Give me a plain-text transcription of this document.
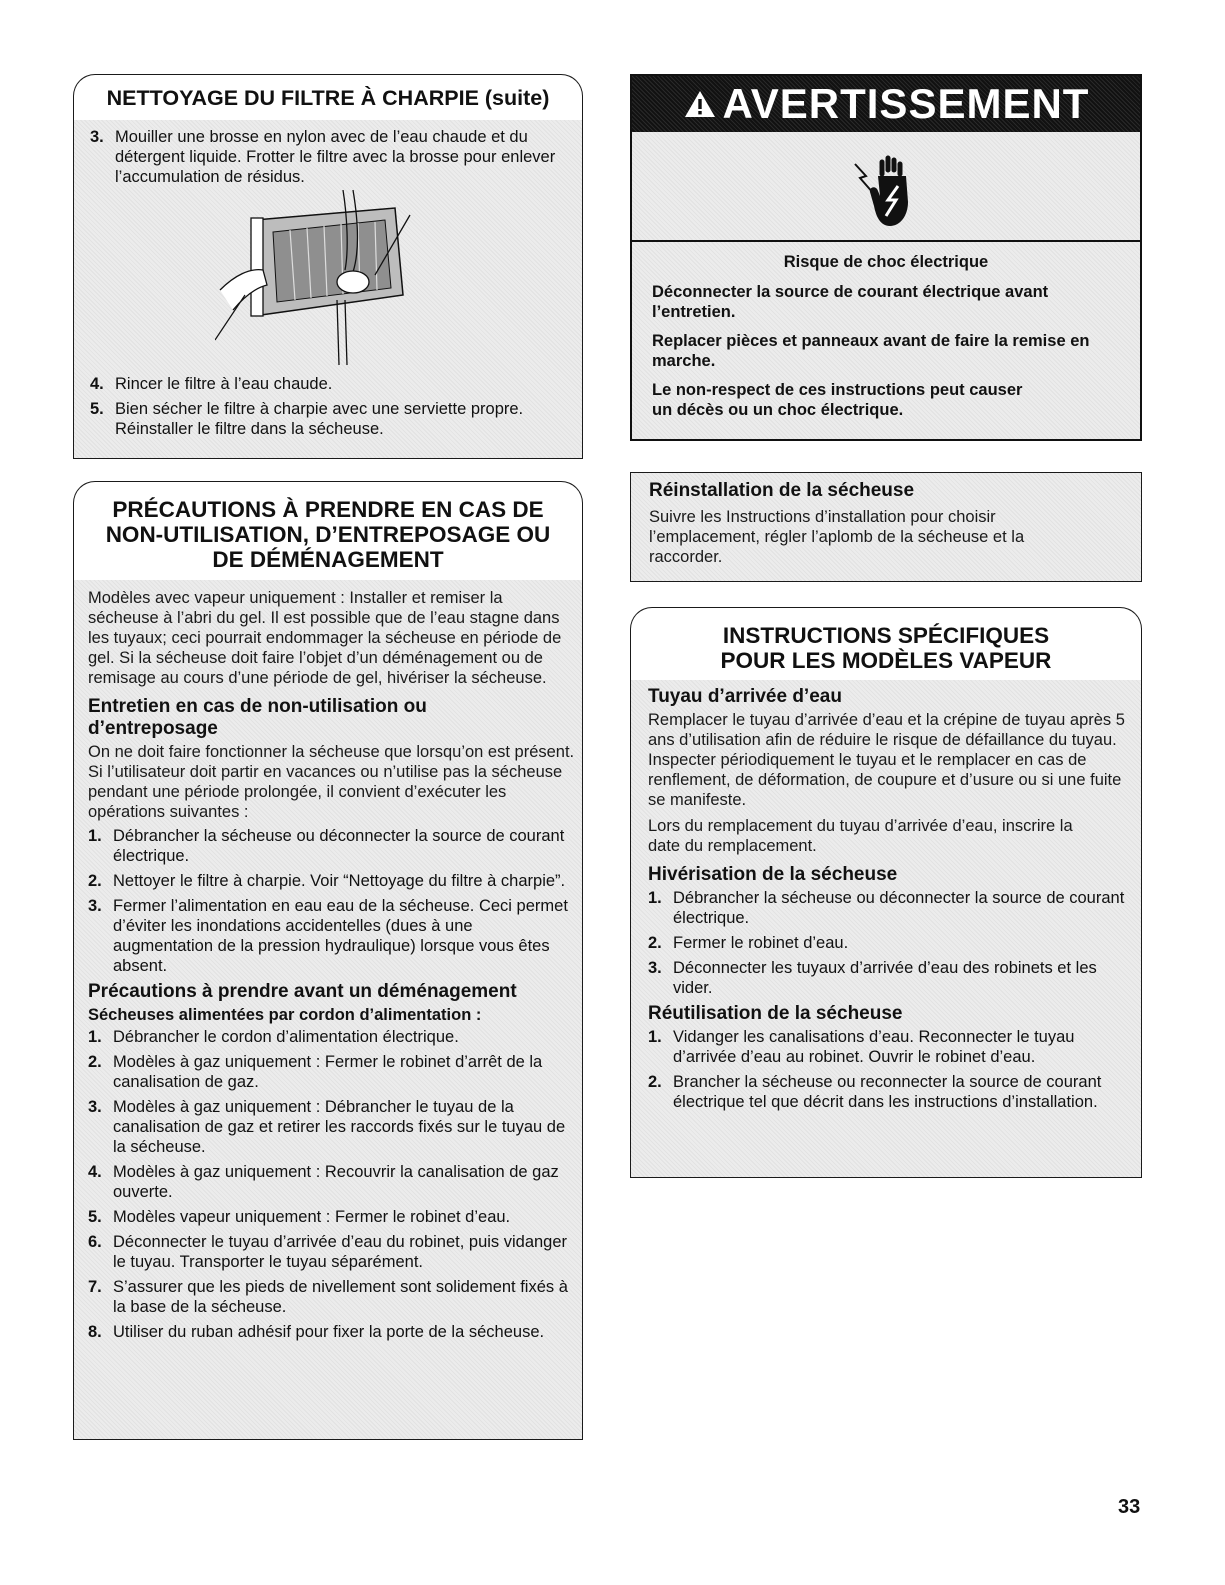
NETTOYAGE DU FILTRE À CHARPIE (suite)
3. Mouiller une brosse en nylon avec de l’eau chaude et du détergent liquide. Frotter le filtre avec la brosse pour enlever l’accumulation de résidus.
4. Rincer le filtre à l’eau chaude.
5. Bien sécher le filtre à charpie avec une serviette propre. Réinstaller le filtre dans la sécheuse.
PRÉCAUTIONS À PRENDRE EN CAS DE NON-UTILISATION, D’ENTREPOSAGE OU DE DÉMÉNAGEMENT

Modèles avec vapeur uniquement : Installer et remiser la sécheuse à l’abri du gel. Il est possible que de l’eau stagne dans les tuyaux; ceci pourrait endommager la sécheuse en période de gel. Si la sécheuse doit faire l’objet d’un déménagement ou de remisage au cours d’une période de gel, hivériser la sécheuse.

Entretien en cas de non-utilisation ou d’entreposage

On ne doit faire fonctionner la sécheuse que lorsqu’on est présent. Si l’utilisateur doit partir en vacances ou n’utilise pas la sécheuse pendant une période prolongée, il convient d’exécuter les opérations suivantes :

1. Débrancher la sécheuse ou déconnecter la source de courant électrique.
2. Nettoyer le filtre à charpie. Voir “Nettoyage du filtre à charpie”.
3. Fermer l’alimentation en eau eau de la sécheuse. Ceci permet d’éviter les inondations accidentelles (dues à une augmentation de la pression hydraulique) lorsque vous êtes absent.
Précautions à prendre avant un déménagement
Sécheuses alimentées par cordon d’alimentation :
1. Débrancher le cordon d’alimentation électrique.
2. Modèles à gaz uniquement : Fermer le robinet d’arrêt de la canalisation de gaz.
3. Modèles à gaz uniquement : Débrancher le tuyau de la canalisation de gaz et retirer les raccords fixés sur le tuyau de la sécheuse.
4. Modèles à gaz uniquement : Recouvrir la canalisation de gaz ouverte.
5. Modèles vapeur uniquement : Fermer le robinet d’eau.
6. Déconnecter le tuyau d’arrivée d’eau du robinet, puis vidanger le tuyau. Transporter le tuyau séparément.
7. S’assurer que les pieds de nivellement sont solidement fixés à la base de la sécheuse.
8. Utiliser du ruban adhésif pour fixer la porte de la sécheuse.
AVERTISSEMENT
Risque de choc électrique

Déconnecter la source de courant électrique avant l’entretien.

Replacer pièces et panneaux avant de faire la remise en marche.

Le non-respect de ces instructions peut causer un décès ou un choc électrique.

Réinstallation de la sécheuse

Suivre les Instructions d’installation pour choisir l’emplacement, régler l’aplomb de la sécheuse et la raccorder.

INSTRUCTIONS SPÉCIFIQUES
POUR LES MODÈLES VAPEUR
Tuyau d’arrivée d’eau

Remplacer le tuyau d’arrivée d’eau et la crépine de tuyau après 5 ans d’utilisation afin de réduire le risque de défaillance du tuyau. Inspecter périodiquement le tuyau et le remplacer en cas de renflement, de déformation, de coupure et d’usure ou si une fuite se manifeste.

Lors du remplacement du tuyau d’arrivée d’eau, inscrire la date du remplacement.

Hivérisation de la sécheuse
1. Débrancher la sécheuse ou déconnecter la source de courant électrique.
2. Fermer le robinet d’eau.
3. Déconnecter les tuyaux d’arrivée d’eau des robinets et les vider.
Réutilisation de la sécheuse
1. Vidanger les canalisations d’eau. Reconnecter le tuyau d’arrivée d’eau au robinet. Ouvrir le robinet d’eau.
2. Brancher la sécheuse ou reconnecter la source de courant électrique tel que décrit dans les instructions d’installation.
33
